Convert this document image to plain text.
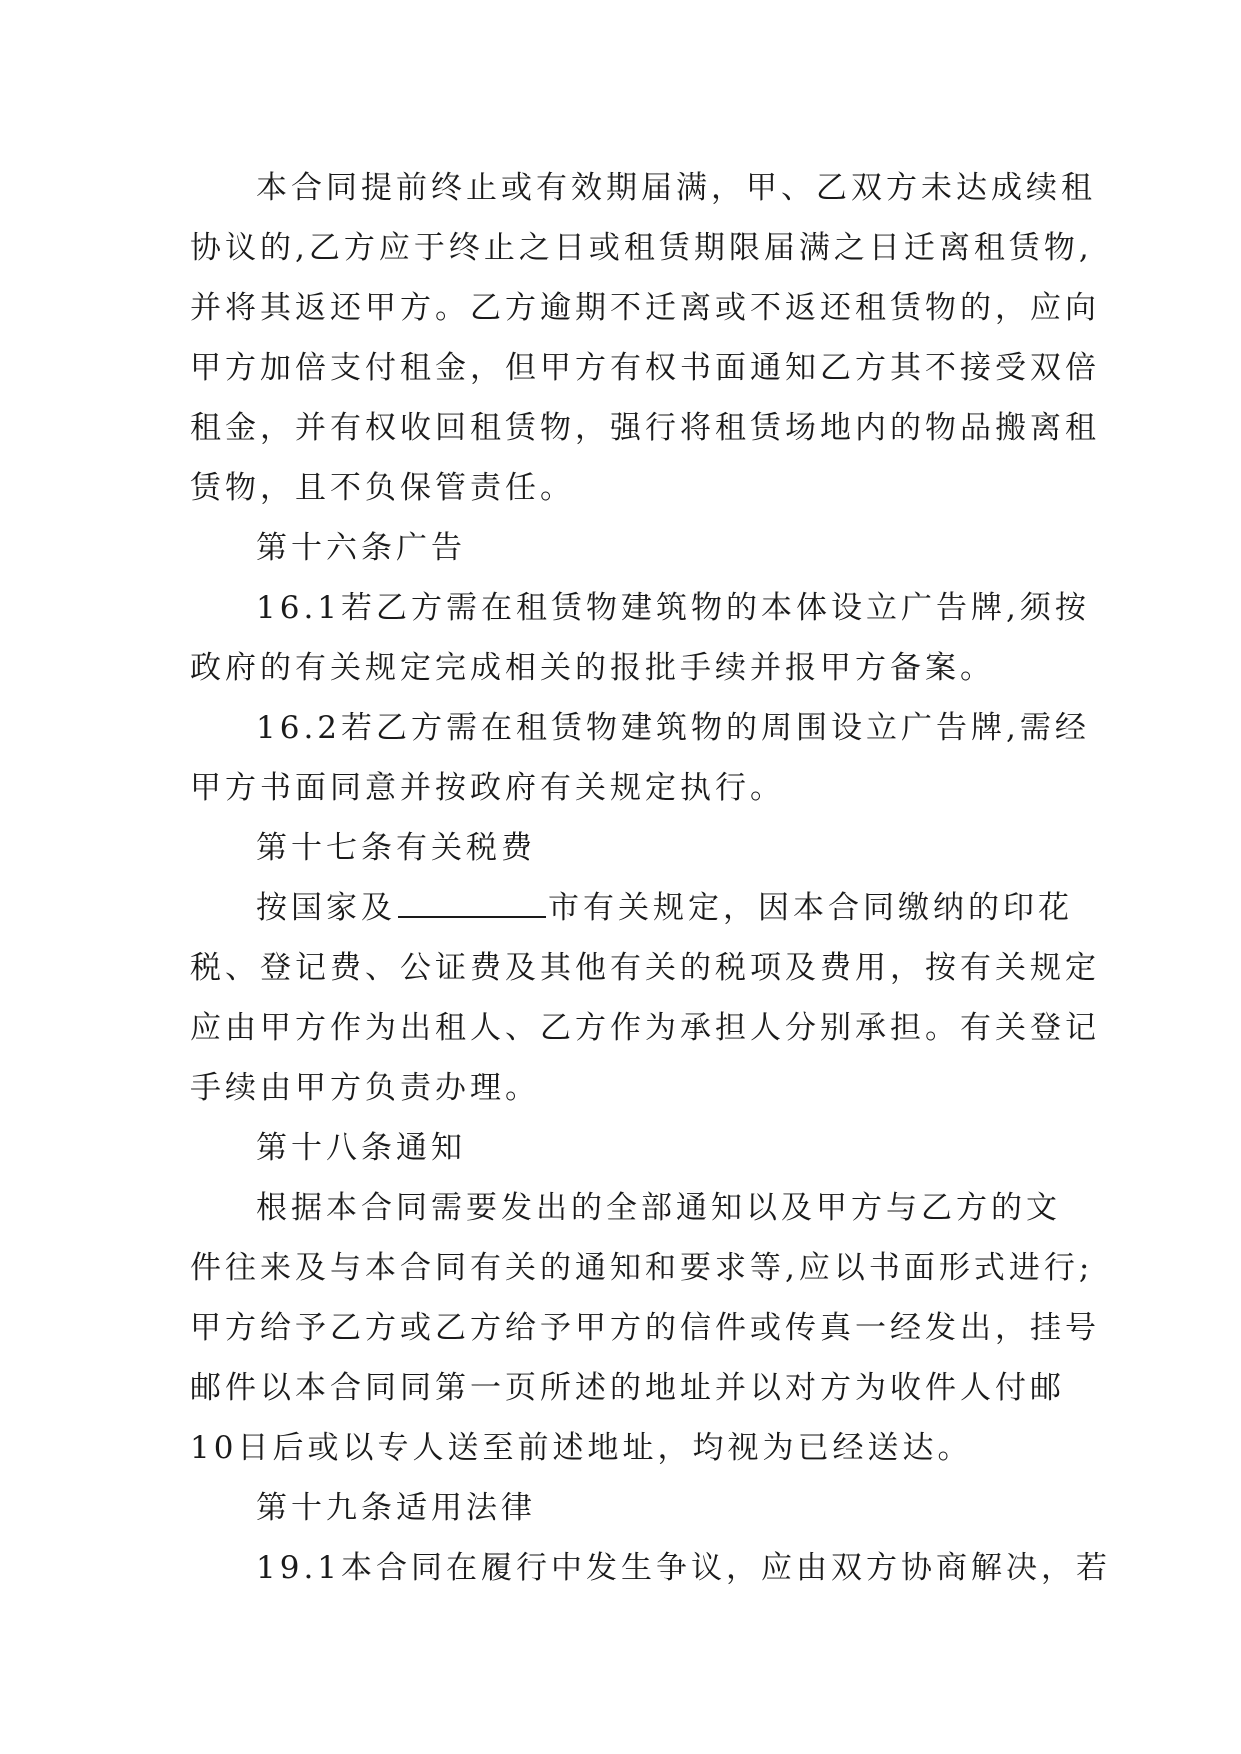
本合同提前终止或有效期届满，甲、乙双方未达成续租
协议的,乙方应于终止之日或租赁期限届满之日迁离租赁物,
并将其返还甲方。乙方逾期不迁离或不返还租赁物的，应向
甲方加倍支付租金，但甲方有权书面通知乙方其不接受双倍
租金，并有权收回租赁物，强行将租赁场地内的物品搬离租
赁物，且不负保管责任。
第十六条广告
16.1若乙方需在租赁物建筑物的本体设立广告牌,须按
政府的有关规定完成相关的报批手续并报甲方备案。
16.2若乙方需在租赁物建筑物的周围设立广告牌,需经
甲方书面同意并按政府有关规定执行。
第十七条有关税费
按国家及	市有关规定，因本合同缴纳的印花
税、登记费、公证费及其他有关的税项及费用，按有关规定
应由甲方作为出租人、乙方作为承担人分别承担。有关登记
手续由甲方负责办理。
第十八条通知
根据本合同需要发出的全部通知以及甲方与乙方的文
件往来及与本合同有关的通知和要求等,应以书面形式进行;
甲方给予乙方或乙方给予甲方的信件或传真一经发出，挂号
邮件以本合同同第一页所述的地址并以对方为收件人付邮
10日后或以专人送至前述地址，均视为已经送达。
第十九条适用法律
19.1本合同在履行中发生争议，应由双方协商解决，若
